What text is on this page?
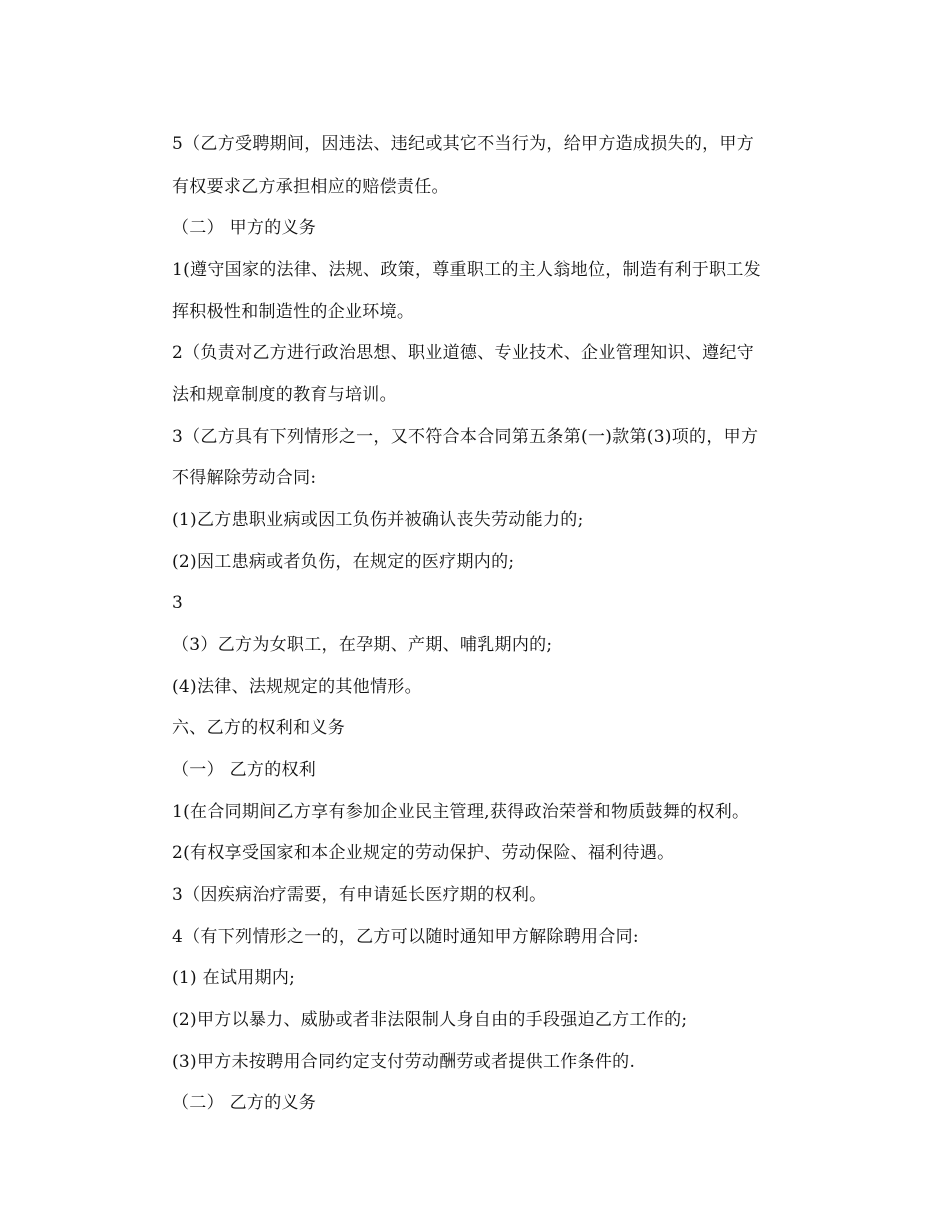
5（乙方受聘期间，因违法、违纪或其它不当行为，给甲方造成损失的，甲方
有权要求乙方承担相应的赔偿责任。
（二） 甲方的义务
1(遵守国家的法律、法规、政策，尊重职工的主人翁地位，制造有利于职工发
挥积极性和制造性的企业环境。
2（负责对乙方进行政治思想、职业道德、专业技术、企业管理知识、遵纪守
法和规章制度的教育与培训。
3（乙方具有下列情形之一，又不符合本合同第五条第(一)款第(3)项的，甲方
不得解除劳动合同:
(1)乙方患职业病或因工负伤并被确认丧失劳动能力的;
(2)因工患病或者负伤，在规定的医疗期内的;
3
（3）乙方为女职工，在孕期、产期、哺乳期内的;
(4)法律、法规规定的其他情形。
六、乙方的权利和义务
（一） 乙方的权利
1(在合同期间乙方享有参加企业民主管理,获得政治荣誉和物质鼓舞的权利。
2(有权享受国家和本企业规定的劳动保护、劳动保险、福利待遇。
3（因疾病治疗需要，有申请延长医疗期的权利。
4（有下列情形之一的，乙方可以随时通知甲方解除聘用合同:
(1) 在试用期内;
(2)甲方以暴力、威胁或者非法限制人身自由的手段强迫乙方工作的;
(3)甲方未按聘用合同约定支付劳动酬劳或者提供工作条件的.
（二） 乙方的义务
